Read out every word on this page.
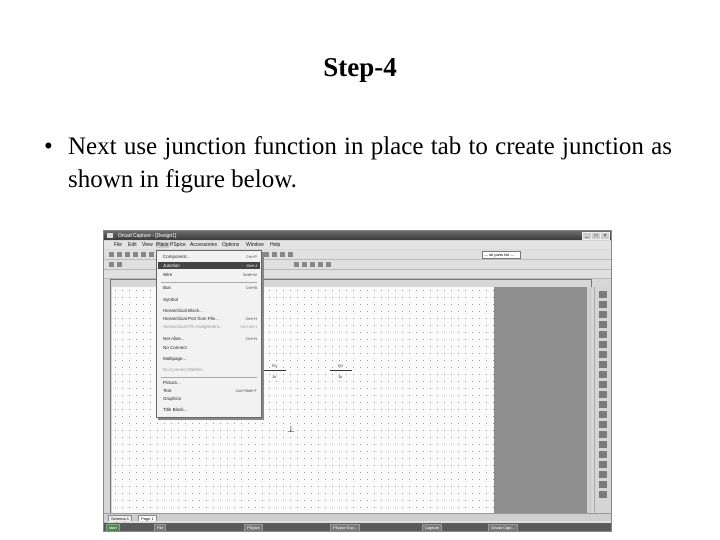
Step-4
• Next use junction function in place tab to create junction as shown in figure below.
Orcad Capture - [Design1]	_	□	×
File Edit View Place PSpice Accessories Options Window Help
--- all parts list ---
R1
1k
R2
1k
⊥
Component...	Ctrl+P
Junction	Ctrl+J
Wire	Shift+W
Bus	Ctrl+B
Symbol
Hierarchical Block...
Hierarchical Port from File...	Ctrl+H
Hierarchical Pin Assignment...	Ctrl+Alt+I
Net Alias...	Ctrl+N
No Connect
Multipage...
No Connect Marker...
Picture...
Text	Ctrl+Shift+T
Graphics
Title Block...
Schema 1	Page 1
start	File	PSpice	PSpice Exp...	Capture	Orcad Capt...
